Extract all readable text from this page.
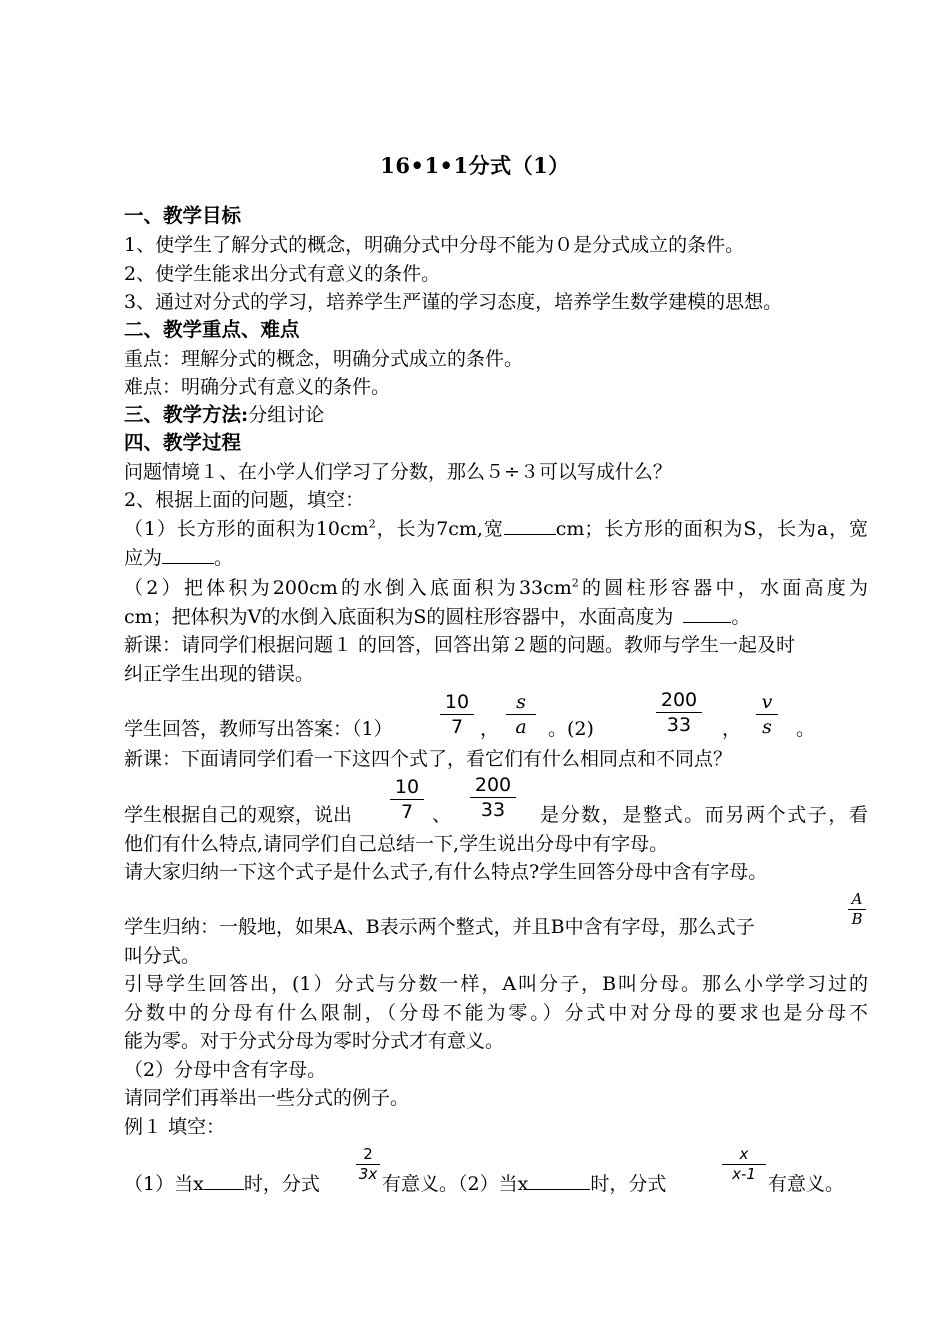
16•1•1分式（1）
一、教学目标
1、使学生了解分式的概念，明确分式中分母不能为０是分式成立的条件。
2、使学生能求出分式有意义的条件。
3、通过对分式的学习，培养学生严谨的学习态度，培养学生数学建模的思想。
二、教学重点、难点
重点：理解分式的概念，明确分式成立的条件。
难点：明确分式有意义的条件。
三、教学方法:分组讨论
四、教学过程
问题情境１、在小学人们学习了分数，那么５÷３可以写成什么？
2、根据上面的问题，填空：
（1）长方形的面积为$10cm^2$，长为7cm,宽	cm；长方形的面积为S，长为a，宽
应为	。
（2）把体积为200cm的水倒入底面积为$33cm^2$的圆柱形容器中，水面高度为
cm；把体积为V的水倒入底面积为S的圆柱形容器中，水面高度为	。
新课：请同学们根据问题１ 的回答，回答出第２题的问题。教师与学生一起及时
纠正学生出现的错误。
学生回答，教师写出答案：（1）
10
7 ，
s
a	。(2)
200
33	，
v
s	。
新课：下面请同学们看一下这四个式了，看它们有什么相同点和不同点？
学生根据自己的观察，说出
10
7 、
200
33	是分数，是整式。而另两个式子，看
他们有什么特点,请同学们自己总结一下,学生说出分母中有字母。
请大家归纳一下这个式子是什么式子,有什么特点?学生回答分母中含有字母。
学生归纳：一般地，如果A、B表示两个整式，并且B中含有字母，那么式子
A
B
叫分式。
引导学生回答出，(1）分式与分数一样，A叫分子，B叫分母。那么小学学习过的
分数中的分母有什么限制，（分母不能为零。）分式中对分母的要求也是分母不
能为零。对于分式分母为零时分式才有意义。
（2）分母中含有字母。
请同学们再举出一些分式的例子。
例１ 填空：
（1）当x 时，分式
2
3x 有意义。（2）当x	时，分式
x
x-1 有意义。
